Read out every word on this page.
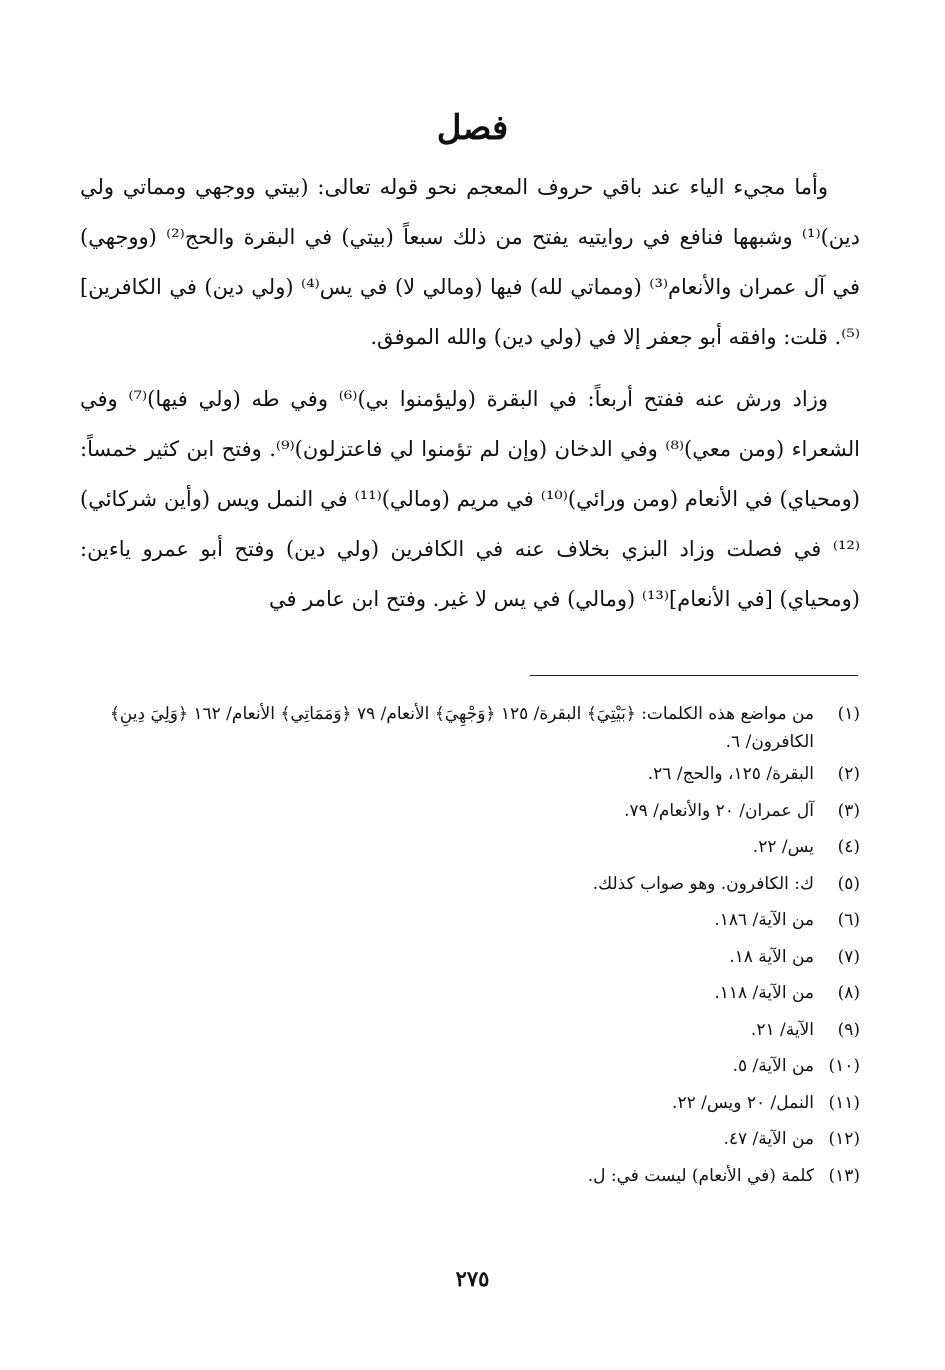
فصل

وأما مجيء الياء عند باقي حروف المعجم نحو قوله تعالى: (بيتي ووجهي ومماتي ولي دين)⁽¹⁾ وشبهها فنافع في روايتيه يفتح من ذلك سبعاً (بيتي) في البقرة والحج⁽²⁾ (ووجهي) في آل عمران والأنعام⁽³⁾ (ومماتي لله) فيها (ومالي لا) في يس⁽⁴⁾ (ولي دين) في الكافرين]⁽⁵⁾. قلت: وافقه أبو جعفر إلا في (ولي دين) والله الموفق.

وزاد ورش عنه ففتح أربعاً: في البقرة (وليؤمنوا بي)⁽⁶⁾ وفي طه (ولي فيها)⁽⁷⁾ وفي الشعراء (ومن معي)⁽⁸⁾ وفي الدخان (وإن لم تؤمنوا لي فاعتزلون)⁽⁹⁾. وفتح ابن كثير خمساً: (ومحياي) في الأنعام (ومن ورائي)⁽¹⁰⁾ في مريم (ومالي)⁽¹¹⁾ في النمل ويس (وأين شركائي)⁽¹²⁾ في فصلت وزاد البزي بخلاف عنه في الكافرين (ولي دين) وفتح أبو عمرو ياءين: (ومحياي) [في الأنعام]⁽¹³⁾ (ومالي) في يس لا غير. وفتح ابن عامر في

(١)
من مواضع هذه الكلمات: ﴿بَيْتِيَ﴾ البقرة/ ١٢٥ ﴿وَجْهِيَ﴾ الأنعام/ ٧٩ ﴿وَمَمَاتِي﴾ الأنعام/ ١٦٢ ﴿وَلِيَ دِينِ﴾ الكافرون/ ٦.
(٢)
البقرة/ ١٢٥، والحج/ ٢٦.
(٣)
آل عمران/ ٢٠ والأنعام/ ٧٩.
(٤)
يس/ ٢٢.
(٥)
ك: الكافرون. وهو صواب كذلك.
(٦)
من الآية/ ١٨٦.
(٧)
من الآية ١٨.
(٨)
من الآية/ ١١٨.
(٩)
الآية/ ٢١.
(١٠)
من الآية/ ٥.
(١١)
النمل/ ٢٠ ويس/ ٢٢.
(١٢)
من الآية/ ٤٧.
(١٣)
كلمة (في الأنعام) ليست في: ل.
٢٧٥
